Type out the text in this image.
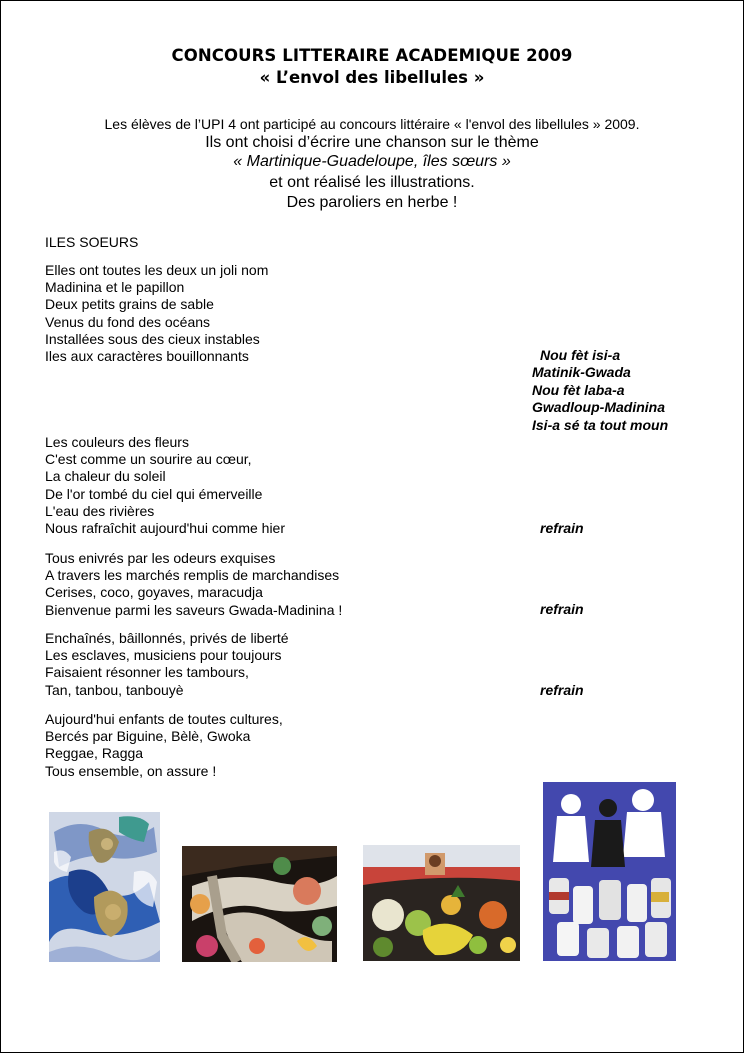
CONCOURS LITTERAIRE ACADEMIQUE 2009
« L’envol des libellules »
Les élèves de l’UPI 4 ont participé au concours littéraire « l'envol des libellules » 2009.
Ils ont choisi d’écrire une chanson sur le thème
« Martinique-Guadeloupe, îles sœurs »
et ont réalisé les illustrations.
Des paroliers en herbe !
ILES SOEURS
Elles ont toutes les deux un joli nom
Madinina et le papillon
Deux petits grains de sable
Venus du fond des océans
Installées sous des cieux instables
Iles aux caractères bouillonnants	Nou fèt isi-a
Matinik-Gwada
Nou fèt laba-a
Gwadloup-Madinina
Isi-a sé ta tout moun
Les couleurs des fleurs
C'est comme un sourire au cœur,
La chaleur du soleil
De l'or tombé du ciel qui émerveille
L'eau des rivières
Nous rafraîchit aujourd'hui comme hier	refrain
Tous enivrés par les odeurs exquises
A travers les marchés remplis de marchandises
Cerises, coco, goyaves, maracudja
Bienvenue parmi les saveurs Gwada-Madinina !	refrain
Enchaînés, bâillonnés, privés de liberté
Les esclaves, musiciens pour toujours
Faisaient résonner les tambours,
Tan, tanbou, tanbouyè	refrain
Aujourd'hui enfants de toutes cultures,
Bercés par Biguine, Bèlè, Gwoka
Reggae, Ragga
Tous ensemble, on assure !
